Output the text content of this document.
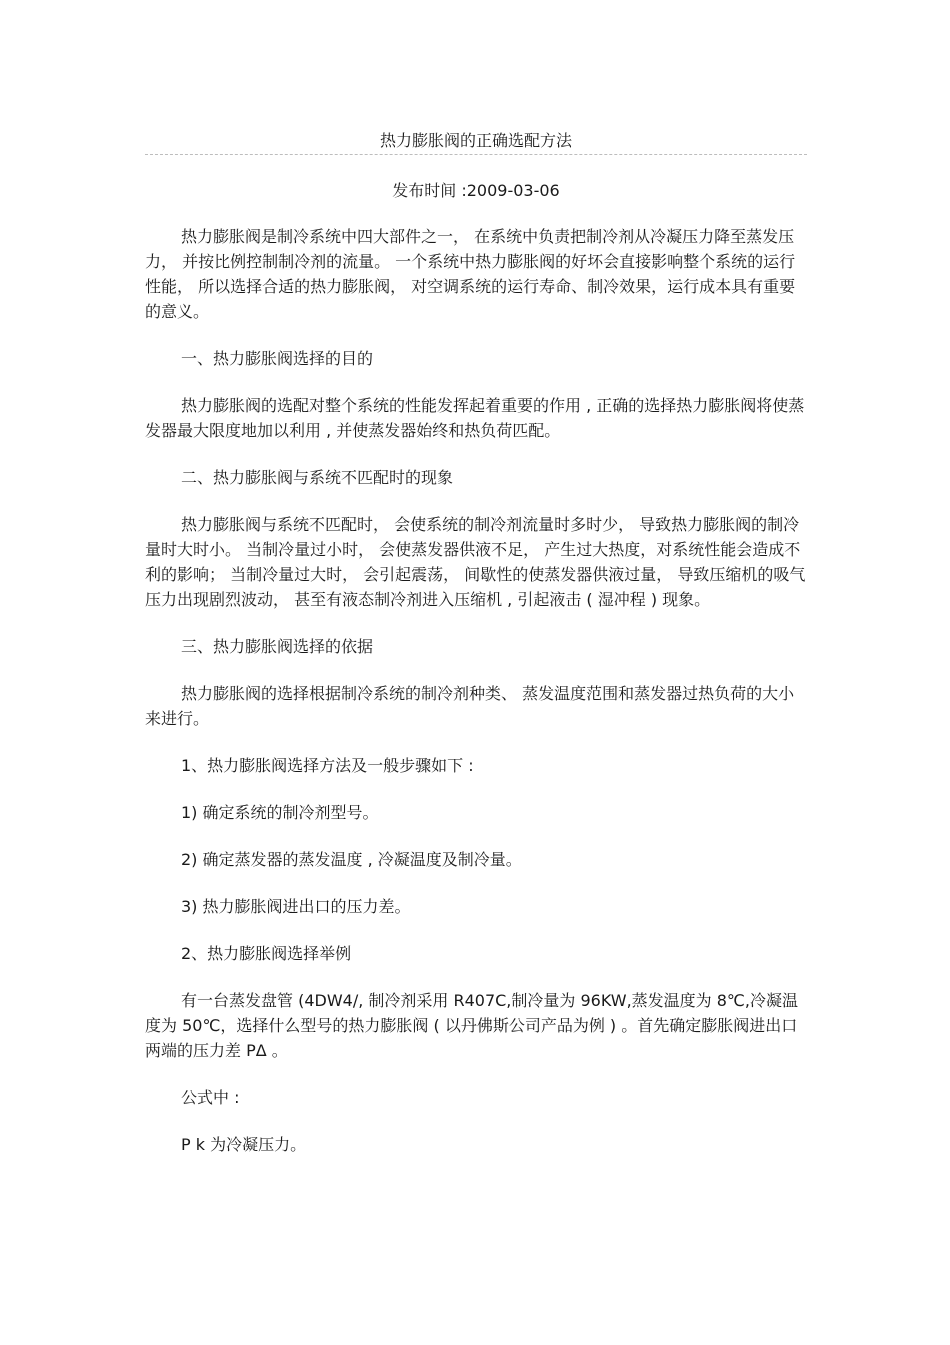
热力膨胀阀的正确选配方法
发布时间 :2009-03-06

热力膨胀阀是制冷系统中四大部件之一， 在系统中负责把制冷剂从冷凝压力降至蒸发压力， 并按比例控制制冷剂的流量。 一个系统中热力膨胀阀的好坏会直接影响整个系统的运行性能， 所以选择合适的热力膨胀阀， 对空调系统的运行寿命、制冷效果，运行成本具有重要的意义。

一、热力膨胀阀选择的目的

热力膨胀阀的选配对整个系统的性能发挥起着重要的作用 , 正确的选择热力膨胀阀将使蒸发器最大限度地加以利用 , 并使蒸发器始终和热负荷匹配。

二、热力膨胀阀与系统不匹配时的现象

热力膨胀阀与系统不匹配时， 会使系统的制冷剂流量时多时少， 导致热力膨胀阀的制冷量时大时小。 当制冷量过小时， 会使蒸发器供液不足， 产生过大热度，对系统性能会造成不利的影响； 当制冷量过大时， 会引起震荡， 间歇性的使蒸发器供液过量， 导致压缩机的吸气压力出现剧烈波动， 甚至有液态制冷剂进入压缩机 , 引起液击 ( 湿冲程 ) 现象。

三、热力膨胀阀选择的依据

热力膨胀阀的选择根据制冷系统的制冷剂种类、 蒸发温度范围和蒸发器过热负荷的大小来进行。

1、热力膨胀阀选择方法及一般步骤如下 :

1) 确定系统的制冷剂型号。

2) 确定蒸发器的蒸发温度 , 冷凝温度及制冷量。

3) 热力膨胀阀进出口的压力差。

2、热力膨胀阀选择举例

有一台蒸发盘管 (4DW4/, 制冷剂采用 R407C,制冷量为 96KW,蒸发温度为 8℃,冷凝温度为 50℃，选择什么型号的热力膨胀阀 ( 以丹佛斯公司产品为例 ) 。首先确定膨胀阀进出口两端的压力差 PΔ 。

公式中 :

P k 为冷凝压力。
